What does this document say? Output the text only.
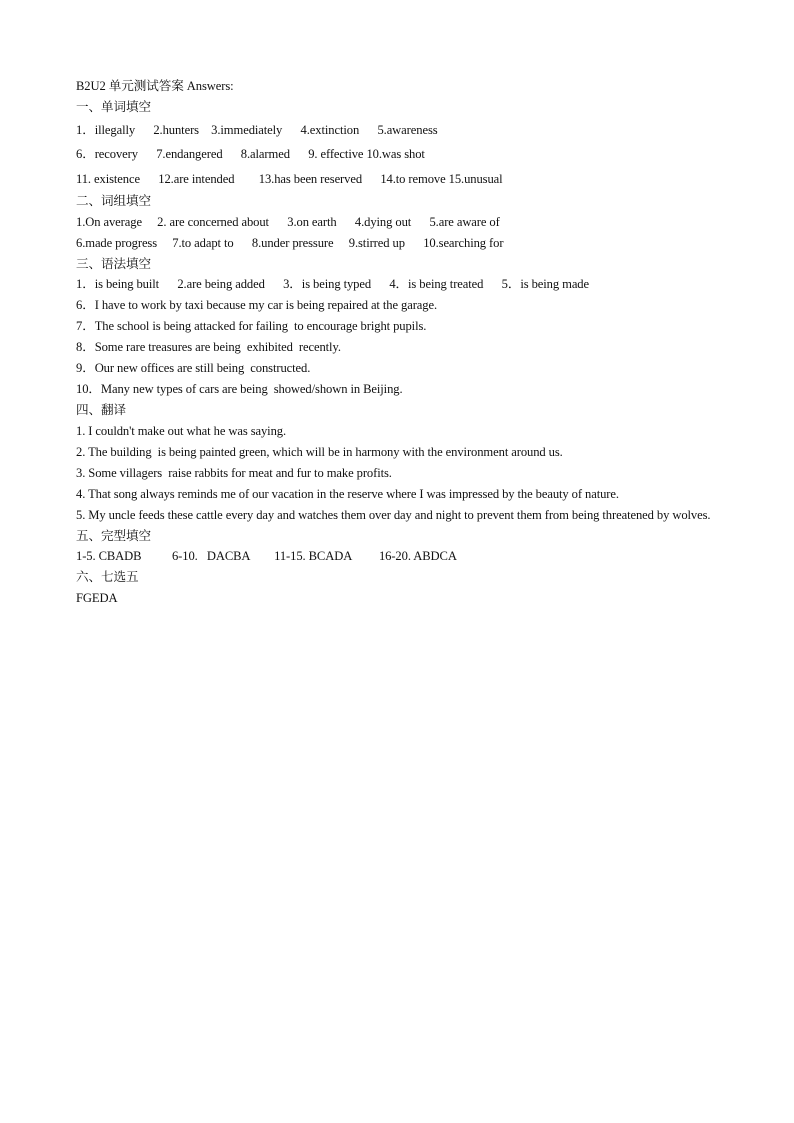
B2U2 单元测试答案 Answers:

一、单词填空

1．illegally      2.hunters    3.immediately      4.extinction      5.awareness

6．recovery      7.endangered      8.alarmed      9. effective 10.was shot

11. existence      12.are intended        13.has been reserved      14.to remove 15.unusual

二、词组填空

1.On average     2. are concerned about      3.on earth      4.dying out      5.are aware of

6.made progress     7.to adapt to      8.under pressure     9.stirred up      10.searching for

三、语法填空

1．is being built      2.are being added      3．is being typed      4．is being treated      5．is being made

6．I have to work by taxi because my car is being repaired at the garage.

7．The school is being attacked for failing  to encourage bright pupils.

8．Some rare treasures are being  exhibited  recently.

9．Our new offices are still being  constructed.

10．Many new types of cars are being  showed/shown in Beijing.

四、翻译

1. I couldn't make out what he was saying.

2. The building  is being painted green, which will be in harmony with the environment around us.

3. Some villagers  raise rabbits for meat and fur to make profits.

4. That song always reminds me of our vacation in the reserve where I was impressed by the beauty of nature.

5. My uncle feeds these cattle every day and watches them over day and night to prevent them from being threatened by wolves.

五、完型填空

1-5. CBADB          6-10.   DACBA        11-15. BCADA         16-20. ABDCA

六、七选五

FGEDA
